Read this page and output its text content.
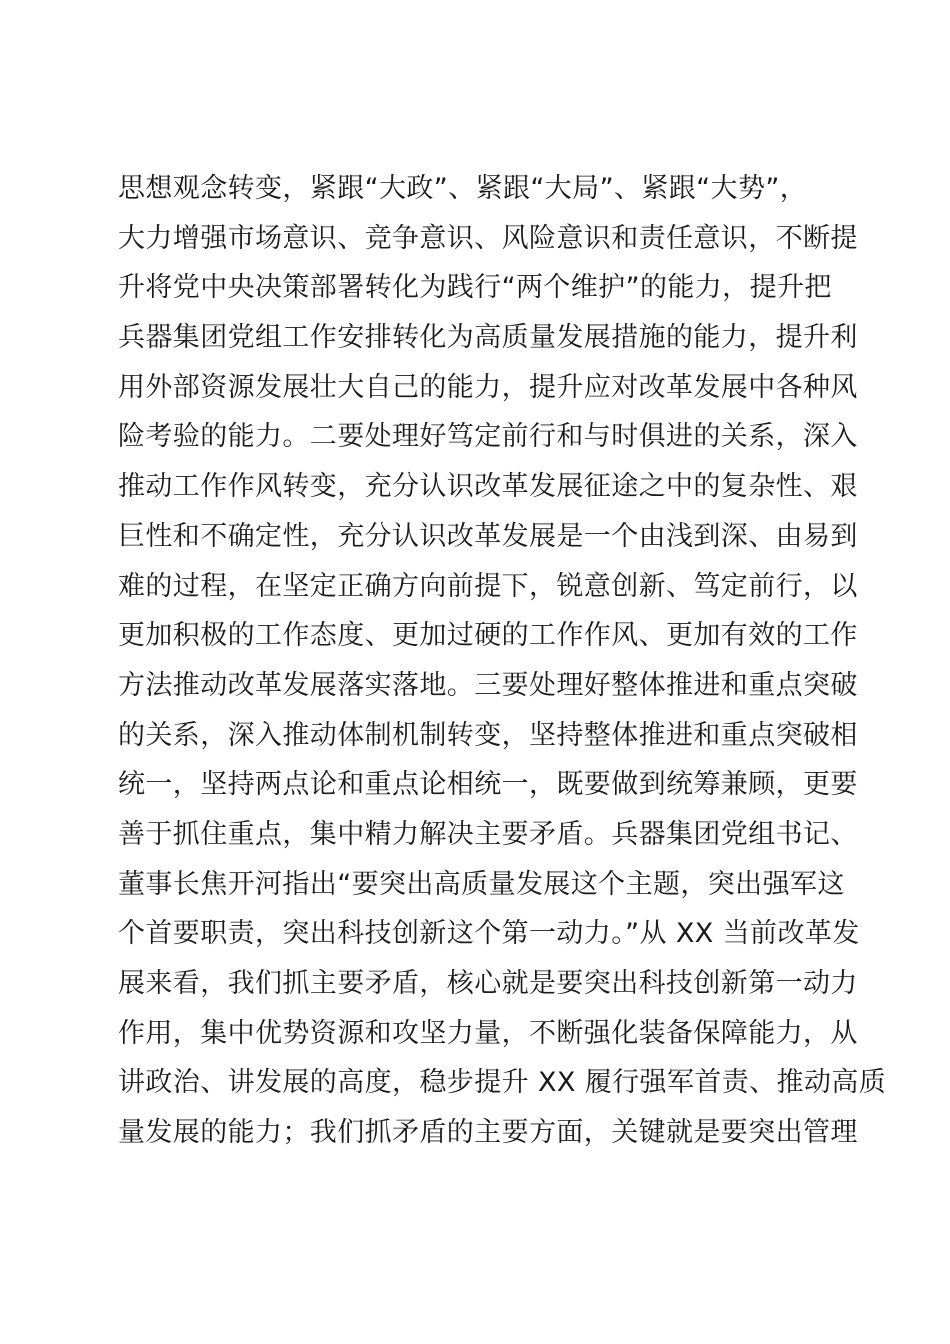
思想观念转变，紧跟“大政”、紧跟“大局”、紧跟“大势”，
大力增强市场意识、竞争意识、风险意识和责任意识，不断提
升将党中央决策部署转化为践行“两个维护”的能力，提升把
兵器集团党组工作安排转化为高质量发展措施的能力，提升利
用外部资源发展壮大自己的能力，提升应对改革发展中各种风
险考验的能力。二要处理好笃定前行和与时俱进的关系，深入
推动工作作风转变，充分认识改革发展征途之中的复杂性、艰
巨性和不确定性，充分认识改革发展是一个由浅到深、由易到
难的过程，在坚定正确方向前提下，锐意创新、笃定前行，以
更加积极的工作态度、更加过硬的工作作风、更加有效的工作
方法推动改革发展落实落地。三要处理好整体推进和重点突破
的关系，深入推动体制机制转变，坚持整体推进和重点突破相
统一，坚持两点论和重点论相统一，既要做到统筹兼顾，更要
善于抓住重点，集中精力解决主要矛盾。兵器集团党组书记、
董事长焦开河指出“要突出高质量发展这个主题，突出强军这
个首要职责，突出科技创新这个第一动力。”从 XX 当前改革发
展来看，我们抓主要矛盾，核心就是要突出科技创新第一动力
作用，集中优势资源和攻坚力量，不断强化装备保障能力，从
讲政治、讲发展的高度，稳步提升 XX 履行强军首责、推动高质
量发展的能力；我们抓矛盾的主要方面，关键就是要突出管理
